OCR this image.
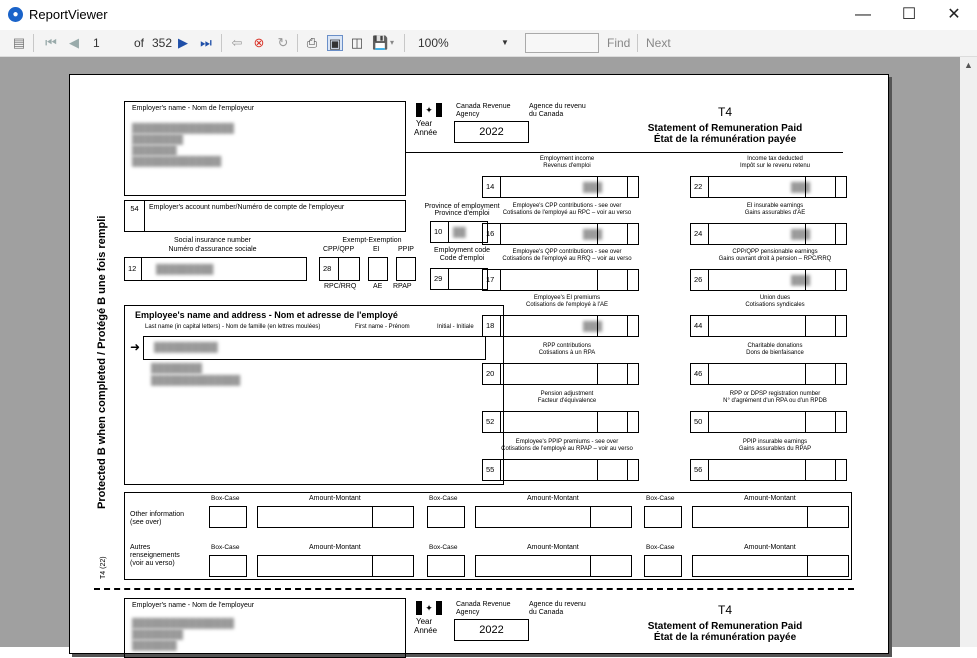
● ReportViewer	—	☐	✕
▤ ⏮ ◀ 1	of 352 ▶ ⏭ ⇦ ⊗ ↻ ⎙ ▣ ◫ 💾 ▾ 100%	▼	Find Next
▲
Protected B when completed / Protégé B une fois rempli
T4 (22)
Employer's name - Nom de l'employeur
████████████████
████████
███████
██████████████
✦
Year
Année	2022
Canada Revenue Agency
Agence du revenu du Canada	T4
Statement of Remuneration Paid
État de la rémunération payée
54	Employer's account number/Numéro de compte de l'employeur
Social insurance number
Numéro d'assurance sociale
12	█████████
Exempt-Exemption
CPP/QPP	EI	PPIP
28
RPC/RRQ AE RPAP
Province of employment
Province d'emploi
10	██
Employment code
Code d'emploi
29
Employee's name and address - Nom et adresse de l'employé
Last name (in capital letters) - Nom de famille (en lettres moulées)	First name - Prénom	Initial - Initiale
██████████
████████
██████████████
➜
Employment income
Revenus d'emploi
14	███
Income tax deducted
Impôt sur le revenu retenu
22	███
Employee's CPP contributions - see over
Cotisations de l'employé au RPC – voir au verso
16	███
EI insurable earnings
Gains assurables d'AE
24	███
Employee's QPP contributions - see over
Cotisations de l'employé au RRQ – voir au verso
17
CPP/QPP pensionable earnings
Gains ouvrant droit à pension – RPC/RRQ
26	███
Employee's EI premiums
Cotisations de l'employé à l'AE
18	███
Union dues
Cotisations syndicales
44
RPP contributions
Cotisations à un RPA
20
Charitable donations
Dons de bienfaisance
46
Pension adjustment
Facteur d'équivalence
52
RPP or DPSP registration number
N° d'agrément d'un RPA ou d'un RPDB
50
Employee's PPIP premiums - see over
Cotisations de l'employé au RPAP – voir au verso
55
PPIP insurable earnings
Gains assurables du RPAP
56
Other information (see over)
Autres renseignements (voir au verso)
Box-Case	Amount-Montant	Box-Case	Amount-Montant	Box-Case	Amount-Montant
Box-Case	Amount-Montant	Box-Case	Amount-Montant	Box-Case	Amount-Montant
Employer's name - Nom de l'employeur
████████████████
████████
███████
✦
Year
Année	2022
Canada Revenue Agency
Agence du revenu du Canada	T4
Statement of Remuneration Paid
État de la rémunération payée
